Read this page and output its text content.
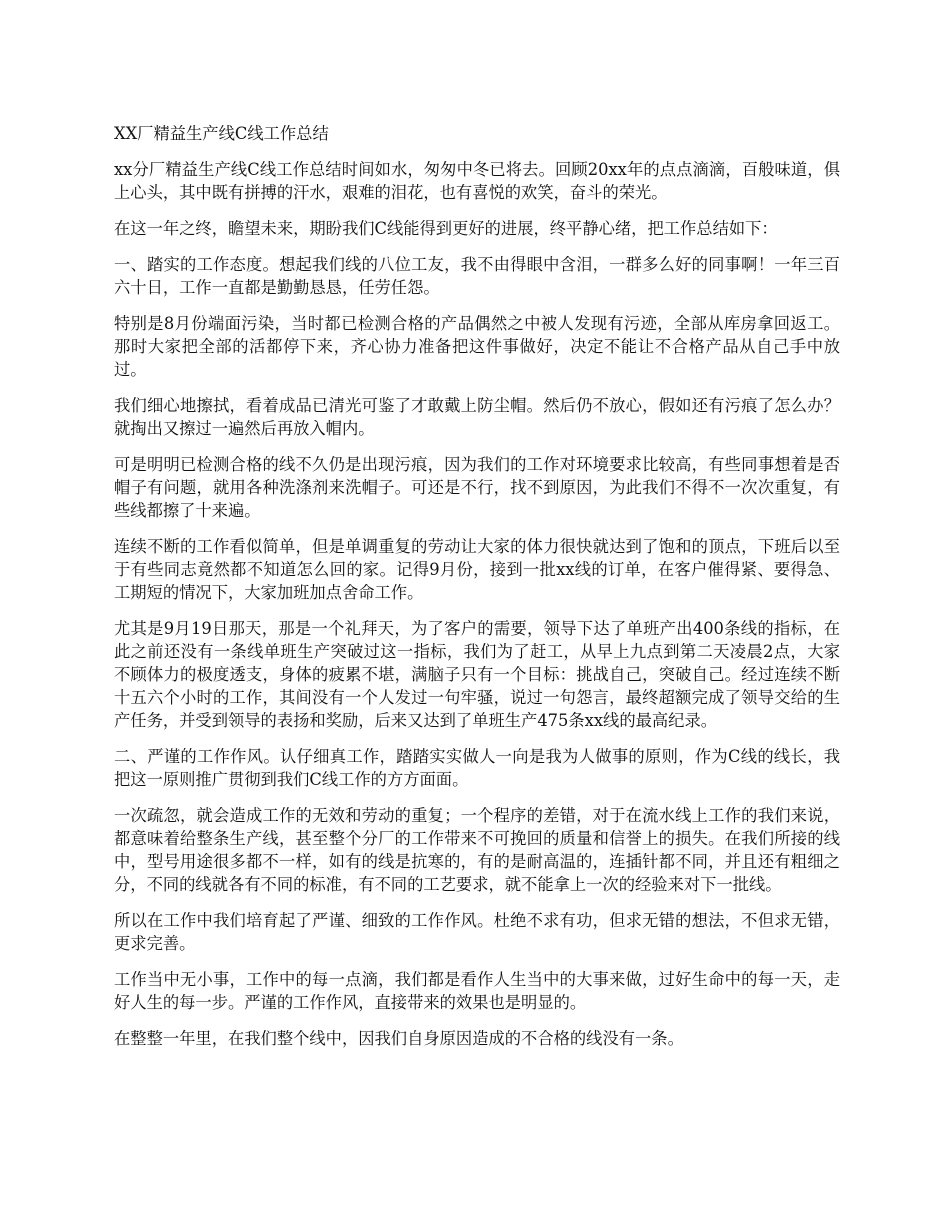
XX厂精益生产线C线工作总结
xx分厂精益生产线C线工作总结时间如水，匆匆中冬已将去。回顾20xx年的点点滴滴，百般味道，俱上心头，其中既有拼搏的汗水，艰难的泪花，也有喜悦的欢笑，奋斗的荣光。
在这一年之终，瞻望未来，期盼我们C线能得到更好的进展，终平静心绪，把工作总结如下：
一、踏实的工作态度。想起我们线的八位工友，我不由得眼中含泪，一群多么好的同事啊！一年三百六十日，工作一直都是勤勤恳恳，任劳任怨。
特别是8月份端面污染，当时都已检测合格的产品偶然之中被人发现有污迹，全部从库房拿回返工。那时大家把全部的活都停下来，齐心协力准备把这件事做好，决定不能让不合格产品从自己手中放过。
我们细心地擦拭，看着成品已清光可鉴了才敢戴上防尘帽。然后仍不放心，假如还有污痕了怎么办？就掏出又擦过一遍然后再放入帽内。
可是明明已检测合格的线不久仍是出现污痕，因为我们的工作对环境要求比较高，有些同事想着是否帽子有问题，就用各种洗涤剂来洗帽子。可还是不行，找不到原因，为此我们不得不一次次重复，有些线都擦了十来遍。
连续不断的工作看似简单，但是单调重复的劳动让大家的体力很快就达到了饱和的顶点，下班后以至于有些同志竟然都不知道怎么回的家。记得9月份，接到一批xx线的订单，在客户催得紧、要得急、工期短的情况下，大家加班加点舍命工作。
尤其是9月19日那天，那是一个礼拜天，为了客户的需要，领导下达了单班产出400条线的指标，在此之前还没有一条线单班生产突破过这一指标，我们为了赶工，从早上九点到第二天凌晨2点，大家不顾体力的极度透支，身体的疲累不堪，满脑子只有一个目标：挑战自己，突破自己。经过连续不断十五六个小时的工作，其间没有一个人发过一句牢骚，说过一句怨言，最终超额完成了领导交给的生产任务，并受到领导的表扬和奖励，后来又达到了单班生产475条xx线的最高纪录。
二、严谨的工作作风。认仔细真工作，踏踏实实做人一向是我为人做事的原则，作为C线的线长，我把这一原则推广贯彻到我们C线工作的方方面面。
一次疏忽，就会造成工作的无效和劳动的重复；一个程序的差错，对于在流水线上工作的我们来说，都意味着给整条生产线，甚至整个分厂的工作带来不可挽回的质量和信誉上的损失。在我们所接的线中，型号用途很多都不一样，如有的线是抗寒的，有的是耐高温的，连插针都不同，并且还有粗细之分，不同的线就各有不同的标准，有不同的工艺要求，就不能拿上一次的经验来对下一批线。
所以在工作中我们培育起了严谨、细致的工作作风。杜绝不求有功，但求无错的想法，不但求无错，更求完善。
工作当中无小事，工作中的每一点滴，我们都是看作人生当中的大事来做，过好生命中的每一天，走好人生的每一步。严谨的工作作风，直接带来的效果也是明显的。
在整整一年里，在我们整个线中，因我们自身原因造成的不合格的线没有一条。
